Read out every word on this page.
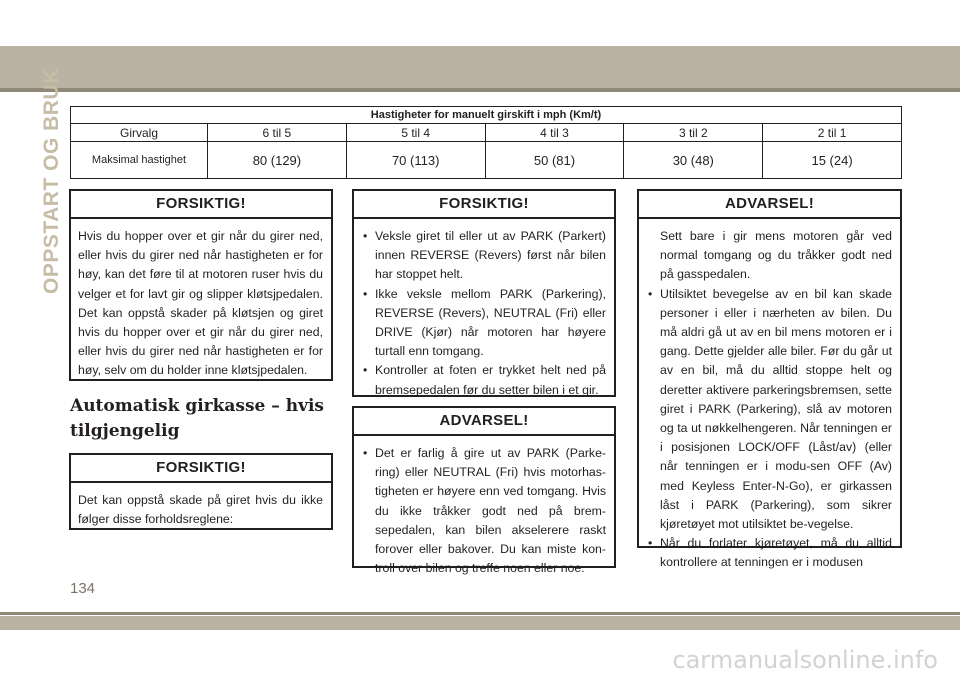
OPPSTART OG BRUK	Hastigheter for manuelt girskift i mph (Km/t)					
Girvalg	6 til 5	5 til 4	4 til 3	3 til 2	2 til 1
Maksimal hastighet	80 (129)	70 (113)	50 (81)	30 (48)	15 (24)
FORSIKTIG!

Hvis du hopper over et gir når du girer ned, eller hvis du girer ned når hastigheten er for høy, kan det føre til at motoren ruser hvis du velger et for lavt gir og slipper kløtsjpedalen. Det kan oppstå skader på kløtsjen og giret hvis du hopper over et gir når du girer ned, eller hvis du girer ned når hastigheten er for høy, selv om du holder inne kløtsjpedalen.

Automatisk girkasse – hvis
tilgjengelig
FORSIKTIG!

Det kan oppstå skade på giret hvis du ikke følger disse forholdsreglene:

FORSIKTIG!
• Veksle giret til eller ut av PARK (Parkert) innen REVERSE (Revers) først når bilen har stoppet helt.
• Ikke veksle mellom PARK (Parkering), REVERSE (Revers), NEUTRAL (Fri) eller DRIVE (Kjør) når motoren har høyere turtall enn tomgang.
• Kontroller at foten er trykket helt ned på bremsepedalen før du setter bilen i et gir.
ADVARSEL!
• Det er farlig å gire ut av PARK (Parke-ring) eller NEUTRAL (Fri) hvis motorhas-tigheten er høyere enn ved tomgang. Hvis du ikke tråkker godt ned på brem-sepedalen, kan bilen akselerere raskt forover eller bakover. Du kan miste kon-troll over bilen og treffe noen eller noe.
ADVARSEL!

Sett bare i gir mens motoren går ved normal tomgang og du tråkker godt ned på gasspedalen.

• Utilsiktet bevegelse av en bil kan skade personer i eller i nærheten av bilen. Du må aldri gå ut av en bil mens motoren er i gang. Dette gjelder alle biler. Før du går ut av en bil, må du alltid stoppe helt og deretter aktivere parkeringsbremsen, sette giret i PARK (Parkering), slå av motoren og ta ut nøkkelhengeren. Når tenningen er i posisjonen LOCK/OFF (Låst/av) (eller når tenningen er i modu-sen OFF (Av) med Keyless Enter-N-Go), er girkassen låst i PARK (Parkering), som sikrer kjøretøyet mot utilsiktet be-vegelse.
• Når du forlater kjøretøyet, må du alltid kontrollere at tenningen er i modusen
134
carmanualsonline.info
